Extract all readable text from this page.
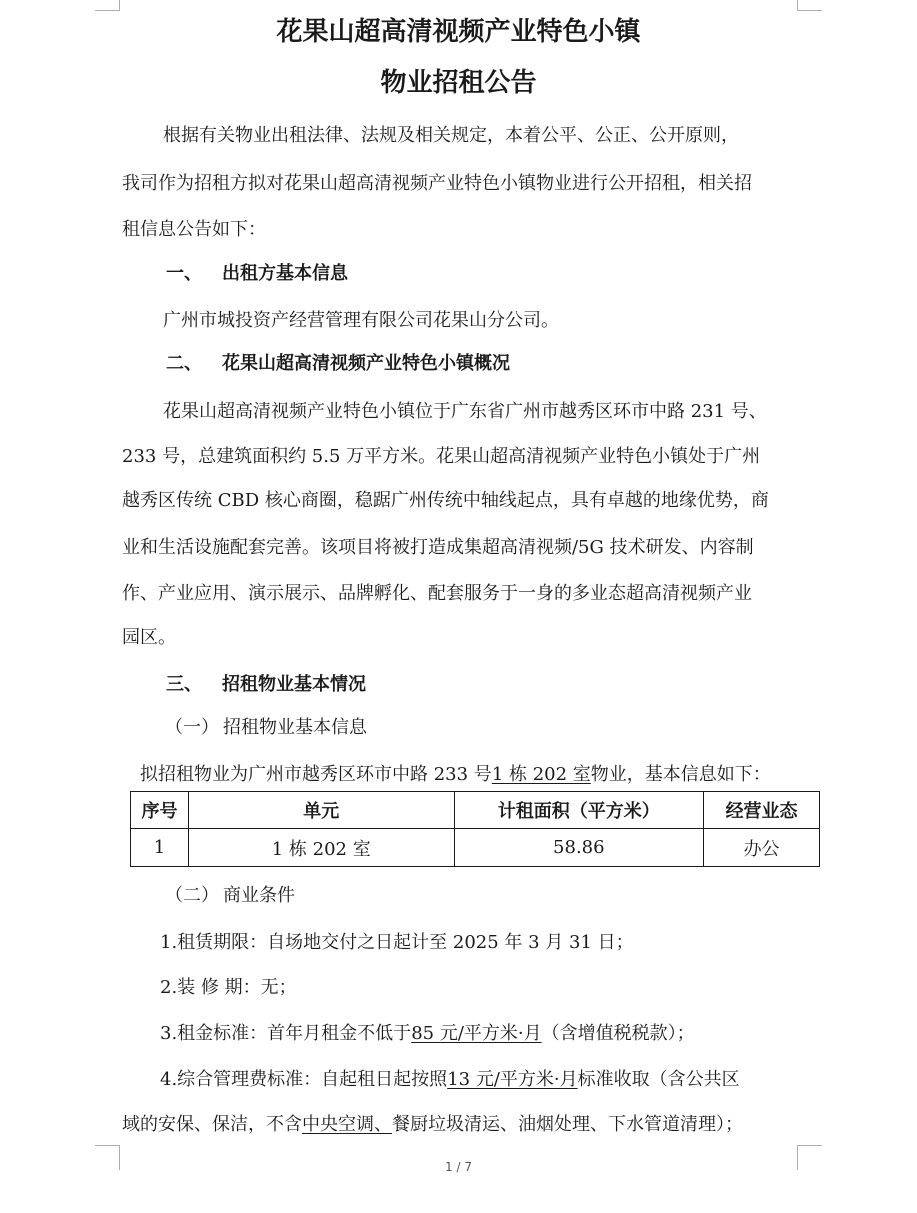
花果山超高清视频产业特色小镇
物业招租公告
根据有关物业出租法律、法规及相关规定，本着公平、公正、公开原则，
我司作为招租方拟对花果山超高清视频产业特色小镇物业进行公开招租，相关招
租信息公告如下：
一、 出租方基本信息
广州市城投资产经营管理有限公司花果山分公司。
二、 花果山超高清视频产业特色小镇概况
花果山超高清视频产业特色小镇位于广东省广州市越秀区环市中路 231 号、
233 号，总建筑面积约 5.5 万平方米。花果山超高清视频产业特色小镇处于广州
越秀区传统 CBD 核心商圈，稳踞广州传统中轴线起点，具有卓越的地缘优势，商
业和生活设施配套完善。该项目将被打造成集超高清视频/5G 技术研发、内容制
作、产业应用、演示展示、品牌孵化、配套服务于一身的多业态超高清视频产业
园区。
三、 招租物业基本情况
（一） 招租物业基本信息
拟招租物业为广州市越秀区环市中路 233 号1 栋 202 室物业，基本信息如下：
序号	单元	计租面积（平方米）	经营业态
1	1 栋 202 室	58.86	办公
（二） 商业条件
1.租赁期限：自场地交付之日起计至 2025 年 3 月 31 日；
2.装 修 期：无；
3.租金标准：首年月租金不低于85 元/平方米·月（含增值税税款）；
4.综合管理费标准：自起租日起按照13 元/平方米·月标准收取（含公共区
域的安保、保洁，不含中央空调、餐厨垃圾清运、油烟处理、下水管道清理）；
1 / 7
